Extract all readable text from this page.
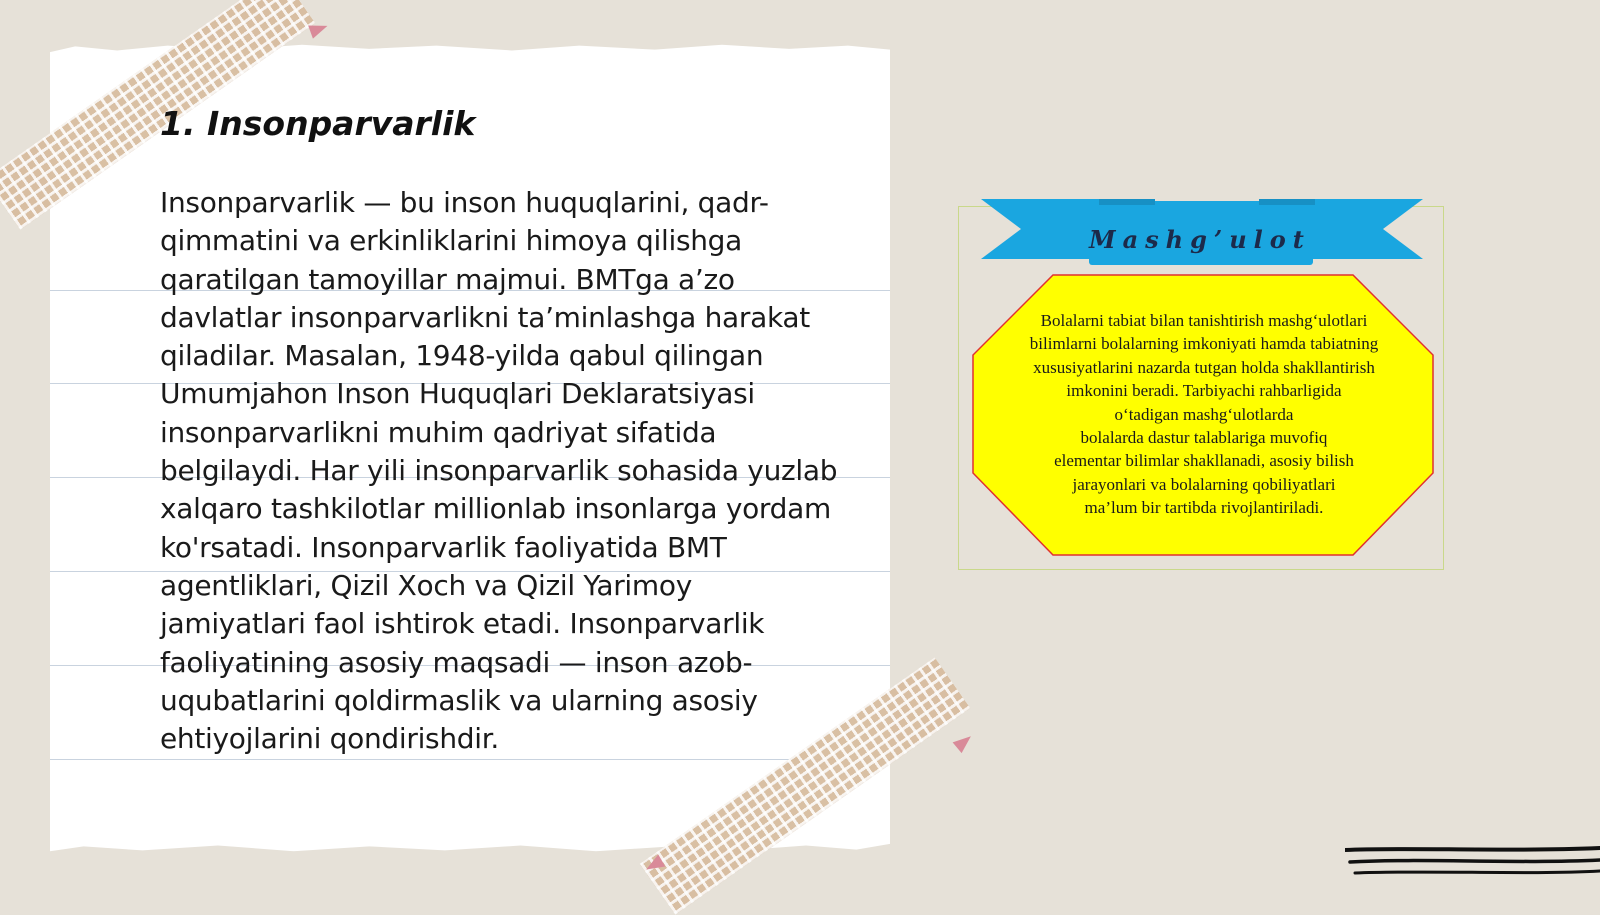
1. Insonparvarlik

Insonparvarlik — bu inson huquqlarini, qadr-qimmatini va erkinliklarini himoya qilishga qaratilgan tamoyillar majmui. BMTga a’zo davlatlar insonparvarlikni ta’minlashga harakat qiladilar. Masalan, 1948-yilda qabul qilingan Umumjahon Inson Huquqlari Deklaratsiyasi insonparvarlikni muhim qadriyat sifatida belgilaydi. Har yili insonparvarlik sohasida yuzlab xalqaro tashkilotlar millionlab insonlarga yordam ko'rsatadi. Insonparvarlik faoliyatida BMT agentliklari, Qizil Xoch va Qizil Yarimoy jamiyatlari faol ishtirok etadi. Insonparvarlik faoliyatining asosiy maqsadi — inson azob-uqubatlarini qoldirmaslik va ularning asosiy ehtiyojlarini qondirishdir.

Mashg’ulot

Bolalarni tabiat bilan tanishtirish mashg‘ulotlari
bilimlarni bolalarning imkoniyati hamda tabiatning
xususiyatlarini nazarda tutgan holda shakllantirish
imkonini beradi. Tarbiyachi rahbarligida
o‘tadigan mashg‘ulotlarda
bolalarda dastur talablariga muvofiq
elementar bilimlar shakllanadi, asosiy bilish
jarayonlari va bolalarning qobiliyatlari
ma’lum bir tartibda rivojlantiriladi.
